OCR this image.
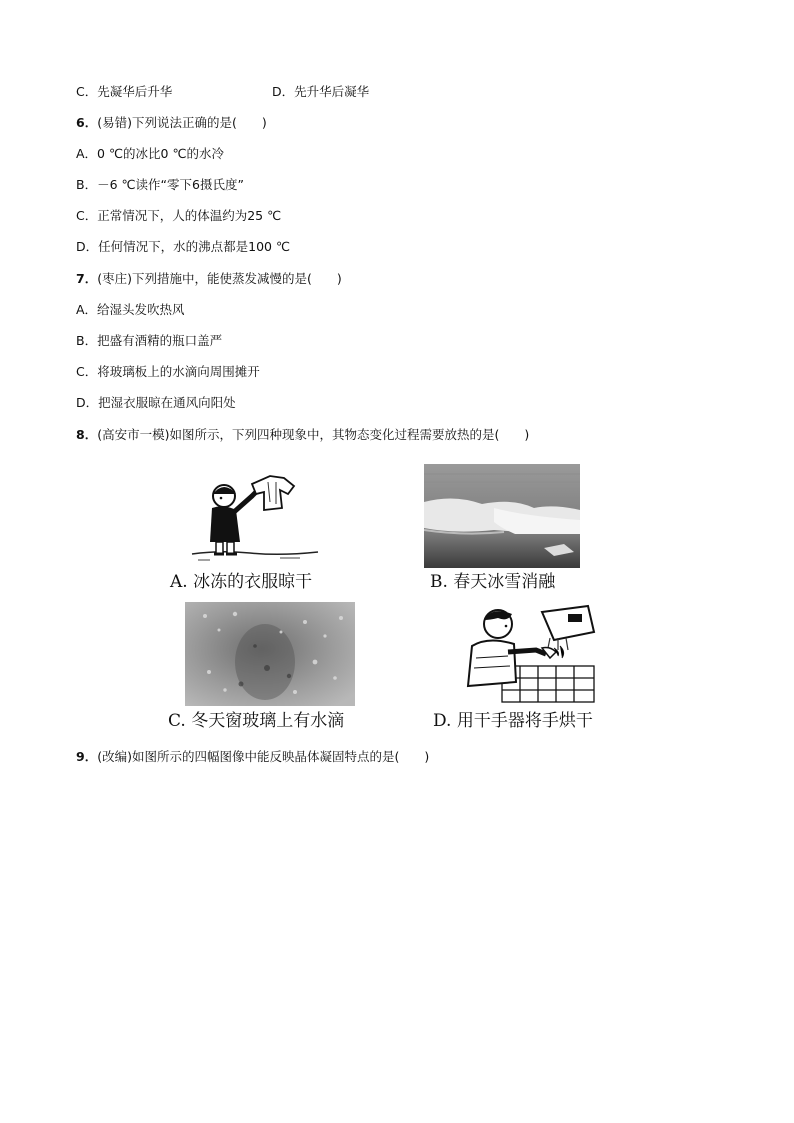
C．先凝华后升华	D．先升华后凝华
6．(易错)下列说法正确的是(　　)
A．0 ℃的冰比0 ℃的水冷
B．－6 ℃读作“零下6摄氏度”
C．正常情况下，人的体温约为25 ℃
D．任何情况下，水的沸点都是100 ℃
7．(枣庄)下列措施中，能使蒸发减慢的是(　　)
A．给湿头发吹热风
B．把盛有酒精的瓶口盖严
C．将玻璃板上的水滴向周围摊开
D．把湿衣服晾在通风向阳处
8．(高安市一模)如图所示，下列四种现象中，其物态变化过程需要放热的是(　　)
A. 冰冻的衣服晾干	B. 春天冰雪消融
C. 冬天窗玻璃上有水滴	D. 用干手器将手烘干
9．(改编)如图所示的四幅图像中能反映晶体凝固特点的是(　　)
